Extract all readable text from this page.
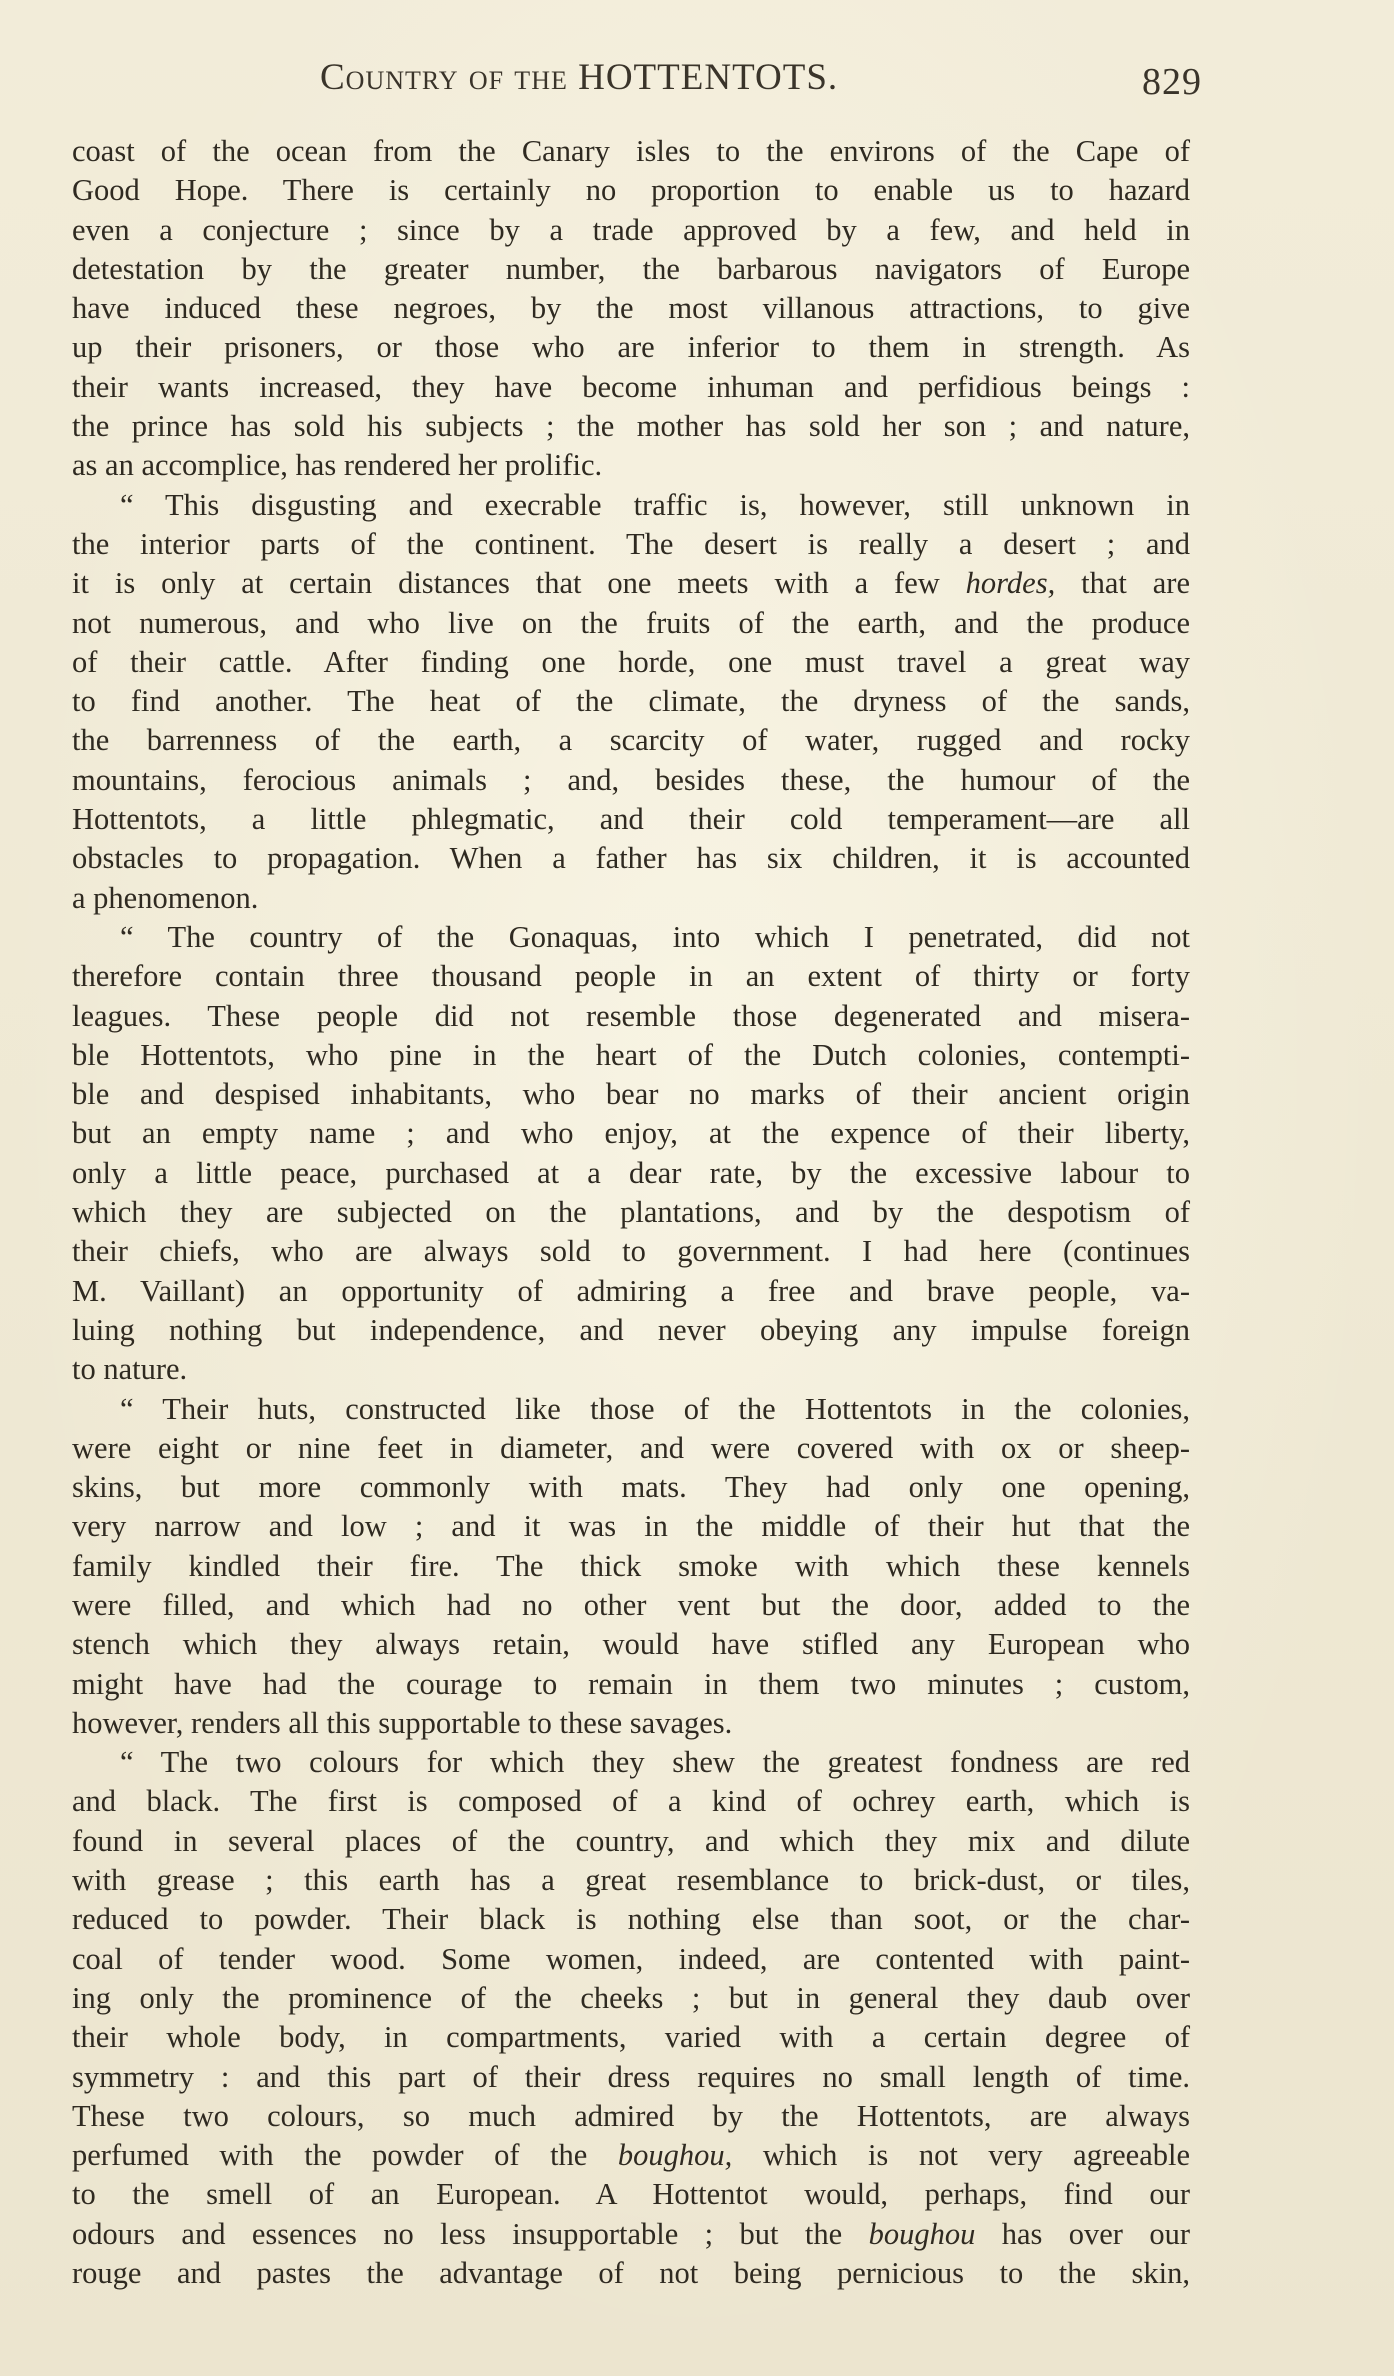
Country of the HOTTENTOTS.	829
coast of the ocean from the Canary isles to the environs of the Cape of
Good Hope. There is certainly no proportion to enable us to hazard
even a conjecture ; since by a trade approved by a few, and held in
detestation by the greater number, the barbarous navigators of Europe
have induced these negroes, by the most villanous attractions, to give
up their prisoners, or those who are inferior to them in strength. As
their wants increased, they have become inhuman and perfidious beings :
the prince has sold his subjects ; the mother has sold her son ; and nature,
as an accomplice, has rendered her prolific.
“ This disgusting and execrable traffic is, however, still unknown in
the interior parts of the continent. The desert is really a desert ; and
it is only at certain distances that one meets with a few hordes, that are
not numerous, and who live on the fruits of the earth, and the produce
of their cattle. After finding one horde, one must travel a great way
to find another. The heat of the climate, the dryness of the sands,
the barrenness of the earth, a scarcity of water, rugged and rocky
mountains, ferocious animals ; and, besides these, the humour of the
Hottentots, a little phlegmatic, and their cold temperament—are all
obstacles to propagation. When a father has six children, it is accounted
a phenomenon.
“ The country of the Gonaquas, into which I penetrated, did not
therefore contain three thousand people in an extent of thirty or forty
leagues. These people did not resemble those degenerated and misera-
ble Hottentots, who pine in the heart of the Dutch colonies, contempti-
ble and despised inhabitants, who bear no marks of their ancient origin
but an empty name ; and who enjoy, at the expence of their liberty,
only a little peace, purchased at a dear rate, by the excessive labour to
which they are subjected on the plantations, and by the despotism of
their chiefs, who are always sold to government. I had here (continues
M. Vaillant) an opportunity of admiring a free and brave people, va-
luing nothing but independence, and never obeying any impulse foreign
to nature.
“ Their huts, constructed like those of the Hottentots in the colonies,
were eight or nine feet in diameter, and were covered with ox or sheep-
skins, but more commonly with mats. They had only one opening,
very narrow and low ; and it was in the middle of their hut that the
family kindled their fire. The thick smoke with which these kennels
were filled, and which had no other vent but the door, added to the
stench which they always retain, would have stifled any European who
might have had the courage to remain in them two minutes ; custom,
however, renders all this supportable to these savages.
“ The two colours for which they shew the greatest fondness are red
and black. The first is composed of a kind of ochrey earth, which is
found in several places of the country, and which they mix and dilute
with grease ; this earth has a great resemblance to brick-dust, or tiles,
reduced to powder. Their black is nothing else than soot, or the char-
coal of tender wood. Some women, indeed, are contented with paint-
ing only the prominence of the cheeks ; but in general they daub over
their whole body, in compartments, varied with a certain degree of
symmetry : and this part of their dress requires no small length of time.
These two colours, so much admired by the Hottentots, are always
perfumed with the powder of the boughou, which is not very agreeable
to the smell of an European. A Hottentot would, perhaps, find our
odours and essences no less insupportable ; but the boughou has over our
rouge and pastes the advantage of not being pernicious to the skin,
